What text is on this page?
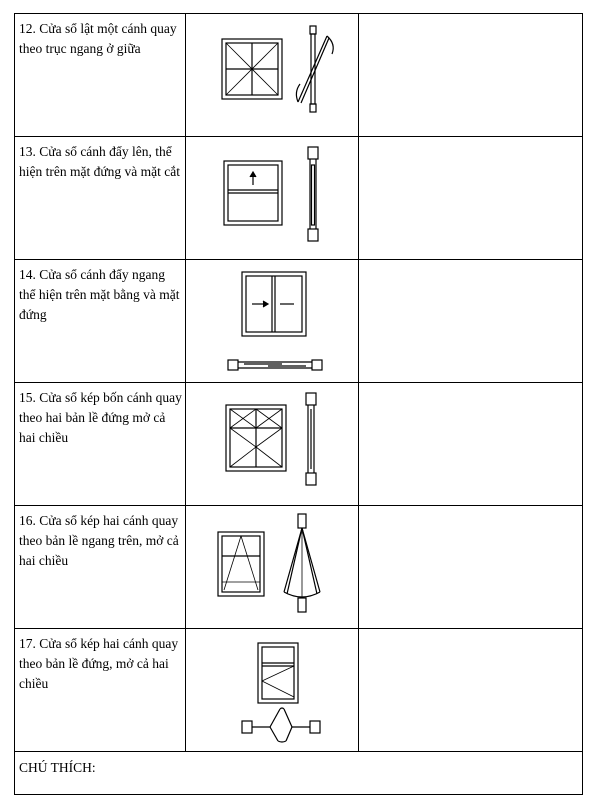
12. Cửa sổ lật một cánh quay theo trục ngang ở giữa	

13. Cửa sổ cánh đẩy lên, thể hiện trên mặt đứng và mặt cắt	

14. Cửa sổ cánh đẩy ngang thể hiện trên mặt bằng và mặt đứng	

15. Cửa sổ kép bốn cánh quay theo hai bản lề đứng mở cả hai chiều	

16. Cửa sổ kép hai cánh quay theo bản lề ngang trên, mở cả hai chiều	

17. Cửa sổ kép hai cánh quay theo bản lề đứng, mở cả hai chiều	

CHÚ THÍCH:		
